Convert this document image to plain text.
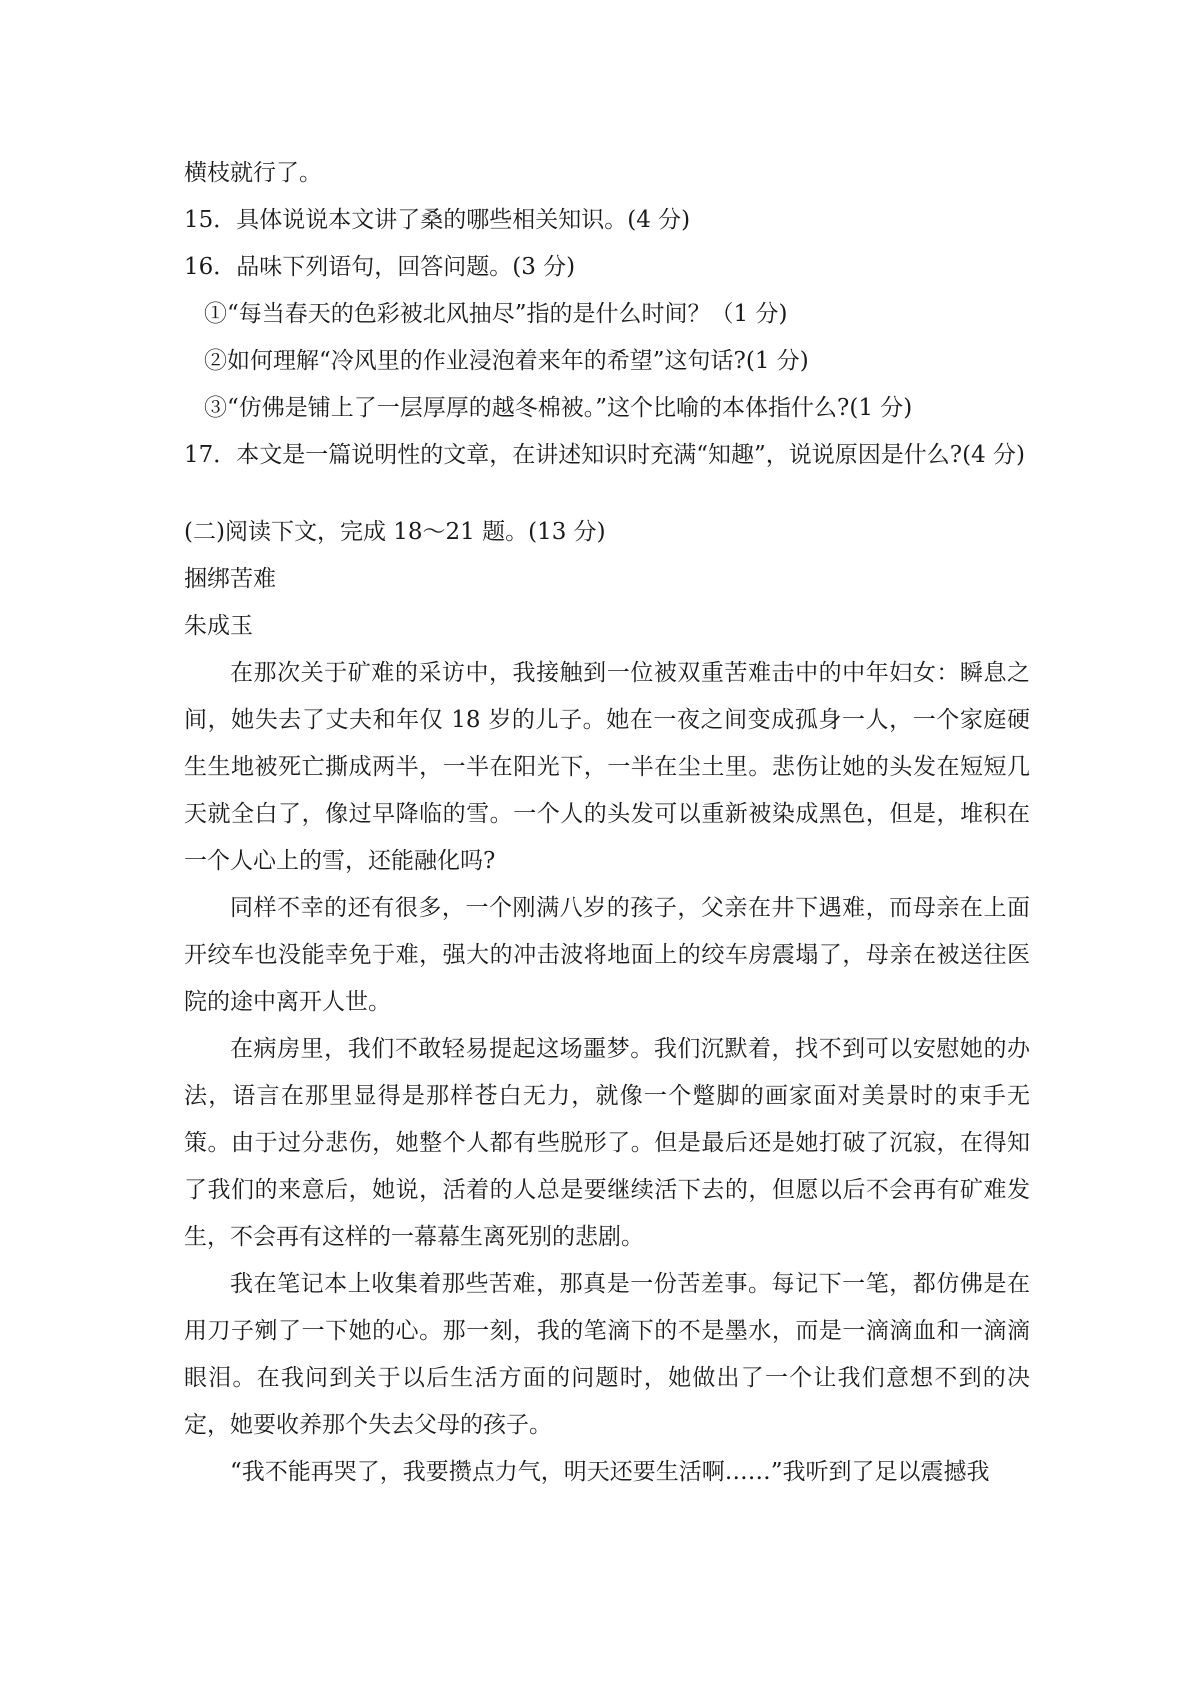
横枝就行了。

15．具体说说本文讲了桑的哪些相关知识。(4 分)

16．品味下列语句，回答问题。(3 分)

①“每当春天的色彩被北风抽尽”指的是什么时间？（1 分)

②如何理解“冷风里的作业浸泡着来年的希望”这句话?(1 分)

③“仿佛是铺上了一层厚厚的越冬棉被。”这个比喻的本体指什么?(1 分)

17．本文是一篇说明性的文章，在讲述知识时充满“知趣”，说说原因是什么?(4 分)

(二)阅读下文，完成 18～21 题。(13 分)

捆绑苦难

朱成玉

在那次关于矿难的采访中，我接触到一位被双重苦难击中的中年妇女：瞬息之间，她失去了丈夫和年仅 18 岁的儿子。她在一夜之间变成孤身一人，一个家庭硬生生地被死亡撕成两半，一半在阳光下，一半在尘土里。悲伤让她的头发在短短几天就全白了，像过早降临的雪。一个人的头发可以重新被染成黑色，但是，堆积在一个人心上的雪，还能融化吗?

同样不幸的还有很多，一个刚满八岁的孩子，父亲在井下遇难，而母亲在上面开绞车也没能幸免于难，强大的冲击波将地面上的绞车房震塌了，母亲在被送往医院的途中离开人世。

在病房里，我们不敢轻易提起这场噩梦。我们沉默着，找不到可以安慰她的办法，语言在那里显得是那样苍白无力，就像一个蹩脚的画家面对美景时的束手无策。由于过分悲伤，她整个人都有些脱形了。但是最后还是她打破了沉寂，在得知了我们的来意后，她说，活着的人总是要继续活下去的，但愿以后不会再有矿难发生，不会再有这样的一幕幕生离死别的悲剧。

我在笔记本上收集着那些苦难，那真是一份苦差事。每记下一笔，都仿佛是在用刀子剜了一下她的心。那一刻，我的笔滴下的不是墨水，而是一滴滴血和一滴滴眼泪。在我问到关于以后生活方面的问题时，她做出了一个让我们意想不到的决定，她要收养那个失去父母的孩子。

“我不能再哭了，我要攒点力气，明天还要生活啊……”我听到了足以震撼我
